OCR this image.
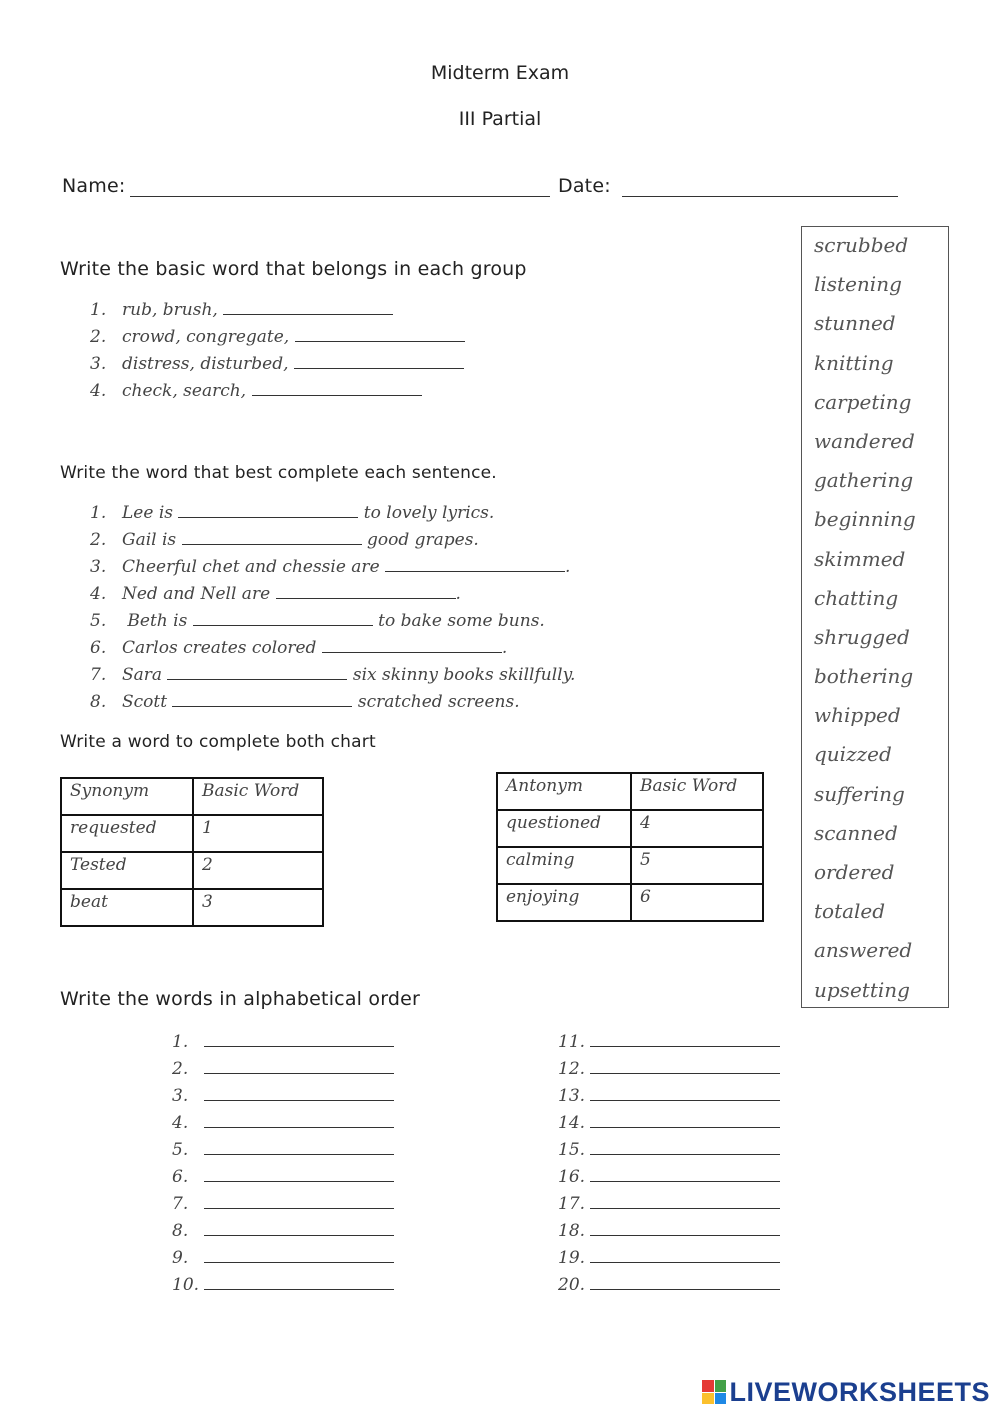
Midterm Exam
III Partial
Name:	Date:
Write the basic word that belongs in each group
1. rub, brush,
2. crowd, congregate,
3. distress, disturbed,
4. check, search,
Write the word that best complete each sentence.
1. Lee is	to lovely lyrics.
2. Gail is	good grapes.
3. Cheerful chet and chessie are	.
4. Ned and Nell are	.
5. Beth is	to bake some buns.
6. Carlos creates colored	.
7. Sara	six skinny books skillfully.
8. Scott	scratched screens.
Write a word to complete both chart
Synonym	Basic Word
requested	1
Tested	2
beat	3
Antonym	Basic Word
questioned	4
calming	5
enjoying	6
scrubbed
listening
stunned
knitting
carpeting
wandered
gathering
beginning
skimmed
chatting
shrugged
bothering
whipped
quizzed
suffering
scanned
ordered
totaled
answered
upsetting
Write the words in alphabetical order
1.
2.
3.
4.
5.
6.
7.
8.
9.
10.
11.
12.
13.
14.
15.
16.
17.
18.
19.
20.
LIVEWORKSHEETS
